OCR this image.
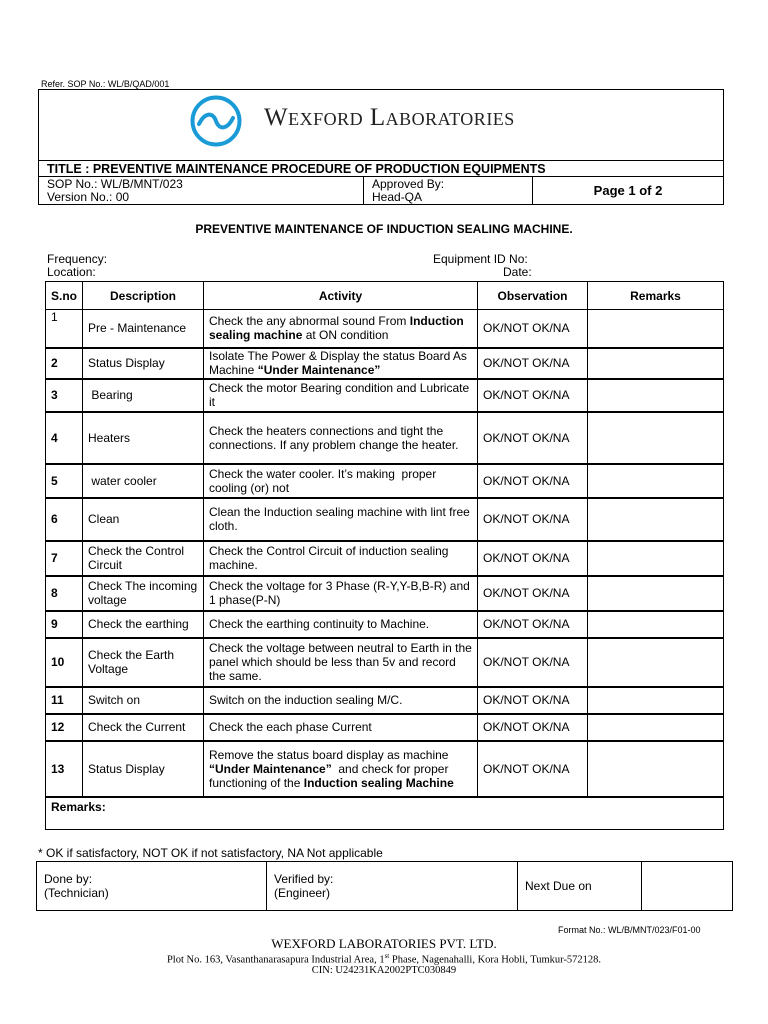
Refer. SOP No.: WL/B/QAD/001
Wexford Laboratories
TITLE : PREVENTIVE MAINTENANCE PROCEDURE OF PRODUCTION EQUIPMENTS
SOP No.: WL/B/MNT/023
Version No.: 00
Approved By:
Head-QA	Page 1 of 2
PREVENTIVE MAINTENANCE OF INDUCTION SEALING MACHINE.
Frequency:
Location:
Equipment ID No:
Date:
S.no	Description	Activity	Observation	Remarks
1	Pre - Maintenance	Check the any abnormal sound From Induction sealing machine at ON condition	OK/NOT OK/NA	
2	Status Display	Isolate The Power & Display the status Board As Machine “Under Maintenance”	OK/NOT OK/NA	
3	Bearing	Check the motor Bearing condition and Lubricate it	OK/NOT OK/NA	
4	Heaters	Check the heaters connections and tight the connections. If any problem change the heater.	OK/NOT OK/NA	
5	water cooler	Check the water cooler. It’s making  proper cooling (or) not	OK/NOT OK/NA	
6	Clean	Clean the Induction sealing machine with lint free cloth.	OK/NOT OK/NA	
7	Check the Control Circuit	Check the Control Circuit of induction sealing machine.	OK/NOT OK/NA	
8	Check The incoming voltage	Check the voltage for 3 Phase (R-Y,Y-B,B-R) and 1 phase(P-N)	OK/NOT OK/NA	
9	Check the earthing	Check the earthing continuity to Machine.	OK/NOT OK/NA	
10	Check the Earth Voltage	Check the voltage between neutral to Earth in the panel which should be less than 5v and record the same.	OK/NOT OK/NA	
11	Switch on	Switch on the induction sealing M/C.	OK/NOT OK/NA	
12	Check the Current	Check the each phase Current	OK/NOT OK/NA	
13	Status Display	Remove the status board display as machine “Under Maintenance”  and check for proper functioning of the Induction sealing Machine	OK/NOT OK/NA	
Remarks:				
* OK if satisfactory, NOT OK if not satisfactory, NA Not applicable
Done by:
(Technician)

Verified by:
(Engineer)	Next Due on	
Format No.: WL/B/MNT/023/F01-00
WEXFORD LABORATORIES PVT. LTD.
Plot No. 163, Vasanthanarasapura Industrial Area, 1st Phase, Nagenahalli, Kora Hobli, Tumkur-572128.
CIN: U24231KA2002PTC030849
